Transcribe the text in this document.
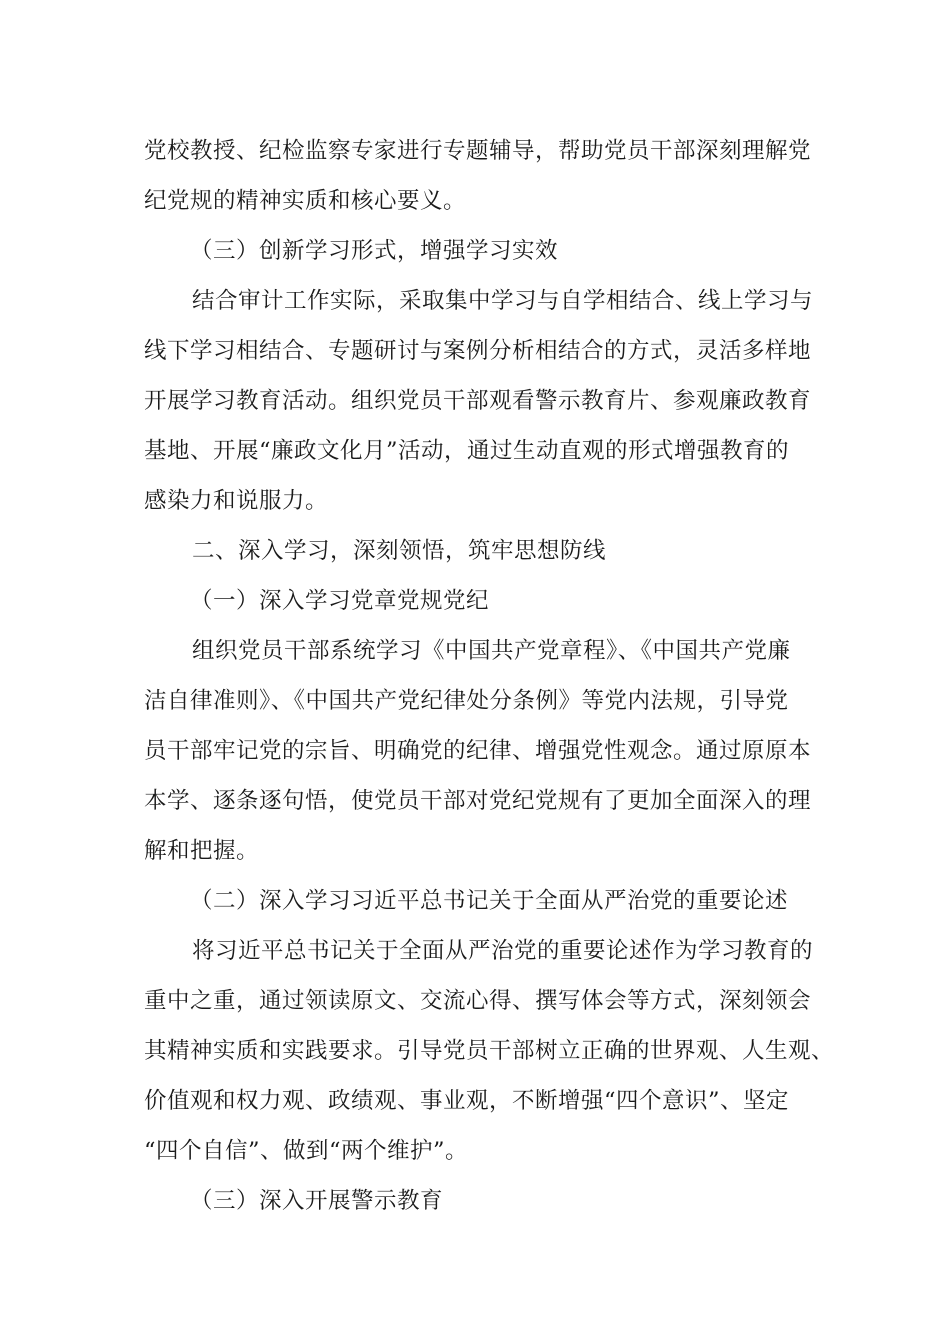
党校教授、纪检监察专家进行专题辅导，帮助党员干部深刻理解党
纪党规的精神实质和核心要义。
（三）创新学习形式，增强学习实效
结合审计工作实际，采取集中学习与自学相结合、线上学习与
线下学习相结合、专题研讨与案例分析相结合的方式，灵活多样地
开展学习教育活动。组织党员干部观看警示教育片、参观廉政教育
基地、开展“廉政文化月”活动，通过生动直观的形式增强教育的
感染力和说服力。
二、深入学习，深刻领悟，筑牢思想防线
（一）深入学习党章党规党纪
组织党员干部系统学习《中国共产党章程》、《中国共产党廉
洁自律准则》、《中国共产党纪律处分条例》等党内法规，引导党
员干部牢记党的宗旨、明确党的纪律、增强党性观念。通过原原本
本学、逐条逐句悟，使党员干部对党纪党规有了更加全面深入的理
解和把握。
（二）深入学习习近平总书记关于全面从严治党的重要论述
将习近平总书记关于全面从严治党的重要论述作为学习教育的
重中之重，通过领读原文、交流心得、撰写体会等方式，深刻领会
其精神实质和实践要求。引导党员干部树立正确的世界观、人生观、
价值观和权力观、政绩观、事业观，不断增强“四个意识”、坚定
“四个自信”、做到“两个维护”。
（三）深入开展警示教育
